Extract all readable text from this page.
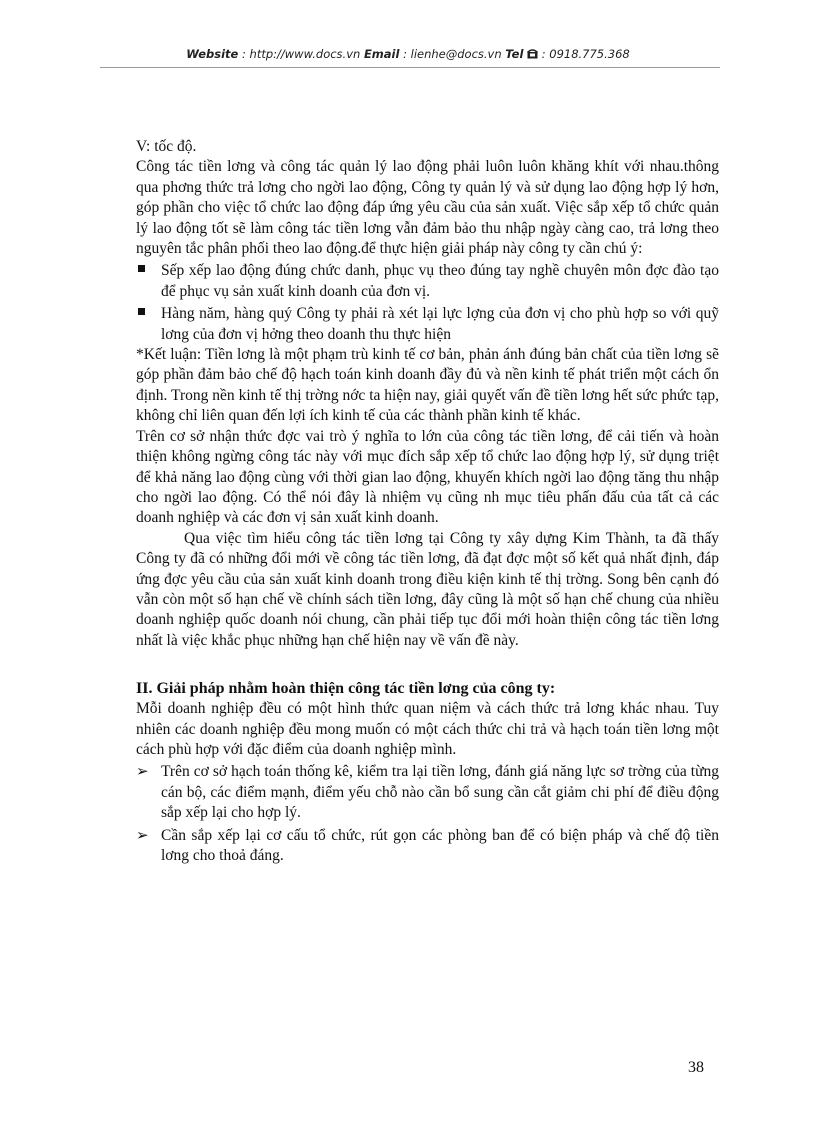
Website : http://www.docs.vn Email : lienhe@docs.vn Tel  : 0918.775.368

V: tốc độ.

Công tác tiền lơng và công tác quản lý lao động phải luôn luôn khăng khít với nhau.thông qua phơng thức trả lơng cho ngời lao động, Công ty quản lý và sử dụng lao động hợp lý hơn, góp phần cho việc tổ chức lao động đáp ứng yêu cầu của sản xuất. Việc sắp xếp tổ chức quản lý lao động tốt sẽ làm công tác tiền lơng vẫn đảm bảo thu nhập ngày càng cao, trả lơng theo nguyên tắc phân phối theo lao động.để thực hiện giải pháp này công ty cần chú ý:

Sếp xếp lao động đúng chức danh, phục vụ theo đúng tay nghề chuyên môn đợc đào tạo để phục vụ sản xuất kinh doanh của đơn vị.
Hàng năm, hàng quý Công ty phải rà xét lại lực lợng của đơn vị cho phù hợp so với quỹ lơng của đơn vị hởng theo doanh thu thực hiện

*Kết luận: Tiền lơng là một phạm trù kinh tế cơ bản, phản ánh đúng bản chất của tiền lơng sẽ góp phần đảm bảo chế độ hạch toán kinh doanh đầy đủ và nền kinh tế phát triển một cách ổn định. Trong nền kinh tế thị trờng nớc ta hiện nay, giải quyết vấn đề tiền lơng hết sức phức tạp, không chỉ liên quan đến lợi ích kinh tế của các thành phần kinh tế khác.

Trên cơ sở nhận thức đợc vai trò ý nghĩa to lớn của công tác tiền lơng, để cải tiến và hoàn thiện không ngừng công tác này với mục đích sắp xếp tổ chức lao động hợp lý, sử dụng triệt để khả năng lao động cùng với thời gian lao động, khuyến khích ngời lao động tăng thu nhập cho ngời lao động. Có thể nói đây là nhiệm vụ cũng nh mục tiêu phấn đấu của tất cả các doanh nghiệp và các đơn vị sản xuất kinh doanh.

Qua việc tìm hiểu công tác tiền lơng tại Công ty xây dựng Kim Thành, ta đã thấy Công ty đã có những đổi mới về công tác tiền lơng, đã đạt đợc một số kết quả nhất định, đáp ứng đợc yêu cầu của sản xuất kinh doanh trong điều kiện kinh tế thị trờng. Song bên cạnh đó vẫn còn một số hạn chế về chính sách tiền lơng, đây cũng là một số hạn chế chung của nhiều doanh nghiệp quốc doanh nói chung, cần phải tiếp tục đổi mới hoàn thiện công tác tiền lơng nhất là việc khắc phục những hạn chế hiện nay về vấn đề này.

II. Giải pháp nhằm hoàn thiện công tác tiền lơng của công ty:

Mỗi doanh nghiệp đều có một hình thức quan niệm và cách thức trả lơng khác nhau. Tuy nhiên các doanh nghiệp đều mong muốn có một cách thức chi trả và hạch toán tiền lơng một cách phù hợp với đặc điểm của doanh nghiệp mình.

➢ Trên cơ sở hạch toán thống kê, kiểm tra lại tiền lơng, đánh giá năng lực sơ trờng của từng cán bộ, các điểm mạnh, điểm yếu chỗ nào cần bổ sung cần cắt giảm chi phí để điều động sắp xếp lại cho hợp lý.
➢ Cần sắp xếp lại cơ cấu tổ chức, rút gọn các phòng ban để có biện pháp và chế độ tiền lơng cho thoả đáng.
38
